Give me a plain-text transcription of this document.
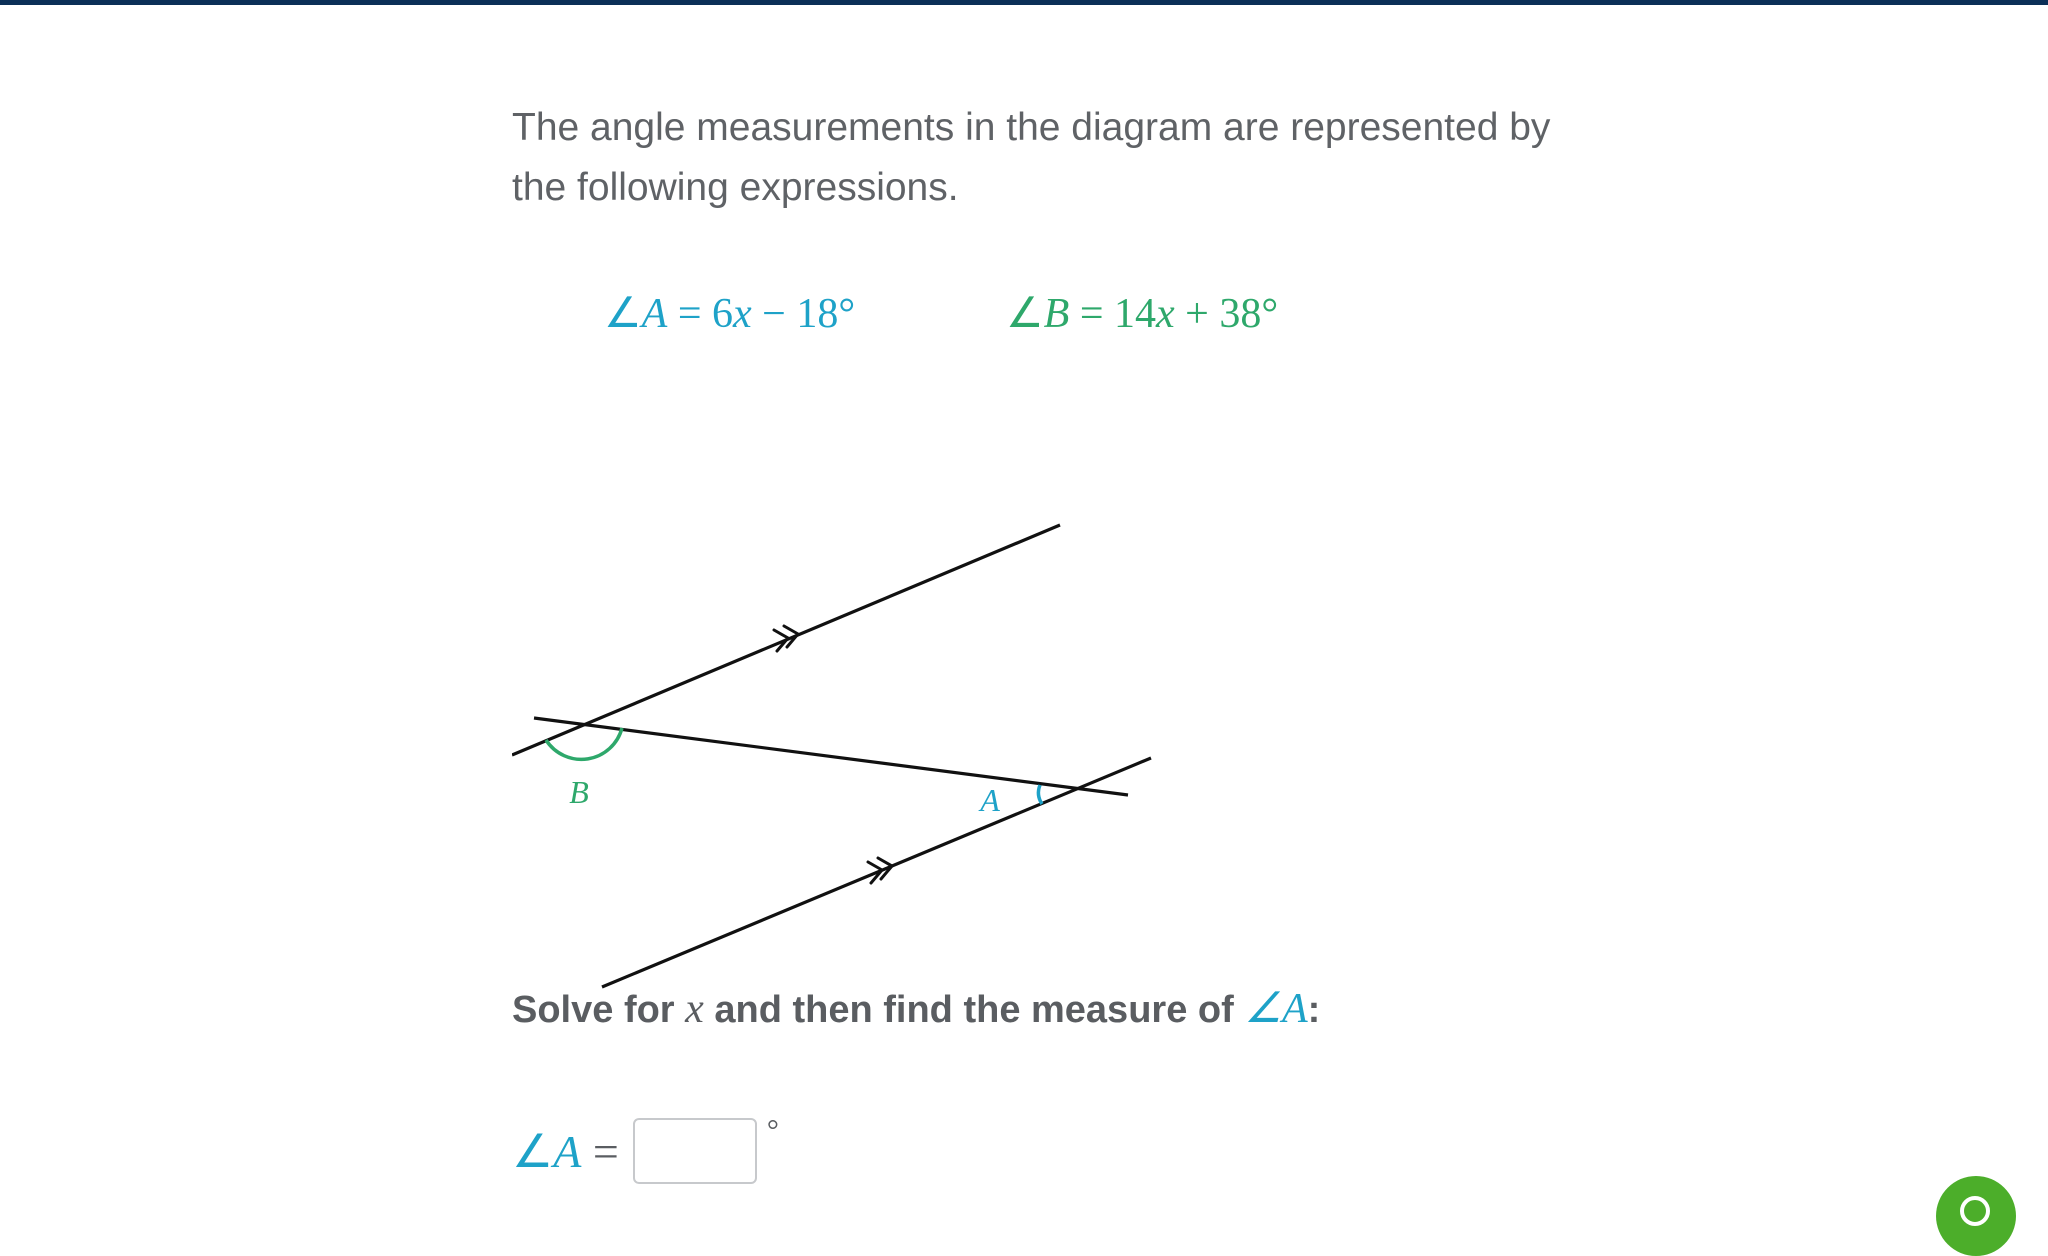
The angle measurements in the diagram are represented by the following expressions.

∠A = 6x − 18°	∠B = 14x + 38°
B	A

Solve for x and then find the measure of ∠A:

∠A =	°
